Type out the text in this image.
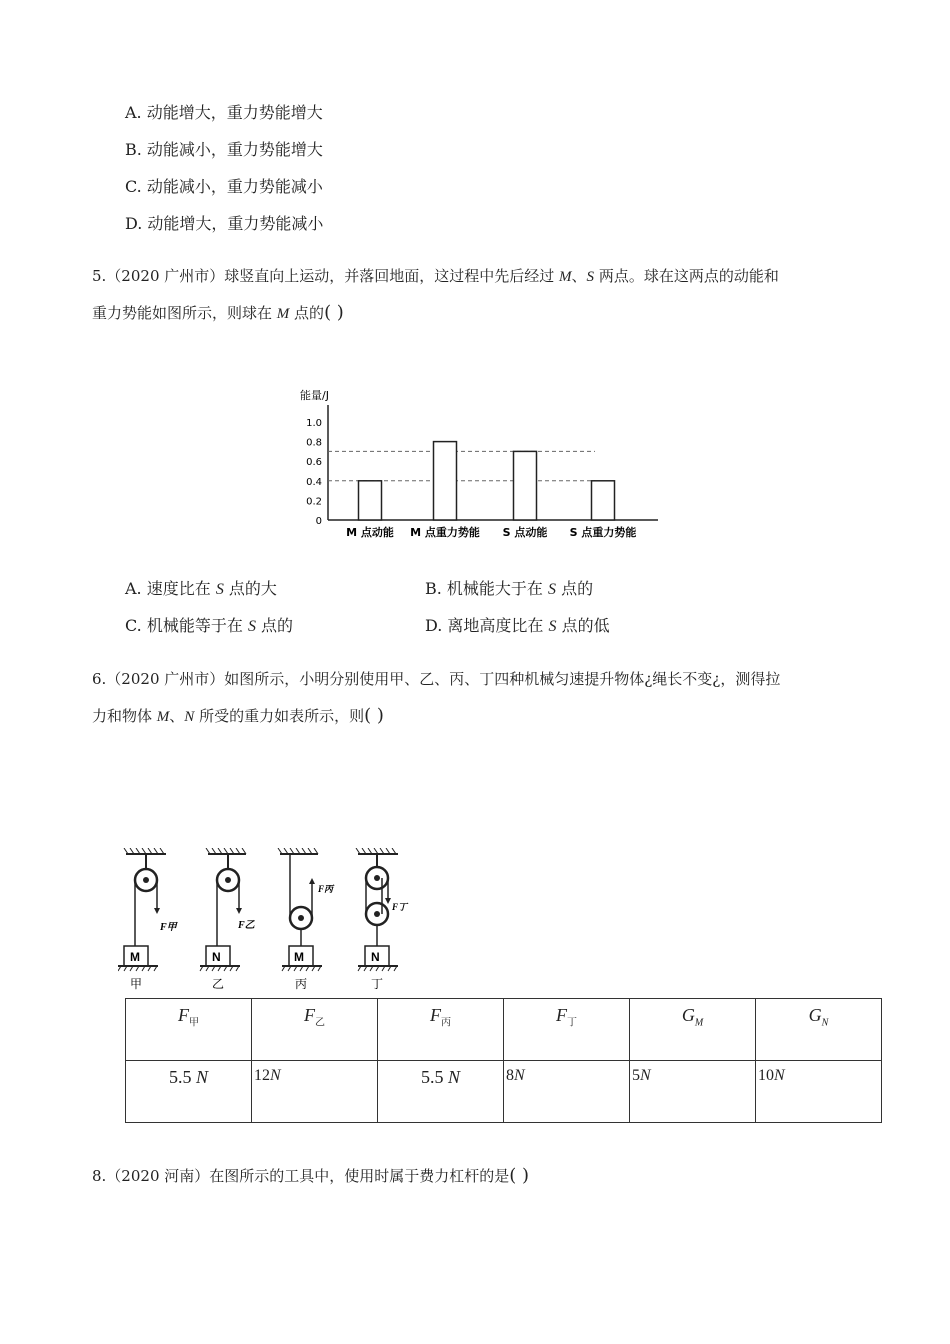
A. 动能增大，重力势能增大
B. 动能减小，重力势能增大
C. 动能减小，重力势能减小
D. 动能增大，重力势能减小
5.（2020 广州市）球竖直向上运动，并落回地面，这过程中先后经过 M、S 两点。球在这两点的动能和
重力势能如图所示，则球在 M 点的( )
能量/J
1.0
0.8
0.6
0.4
0.2
0
M 点动能 M 点重力势能 S 点动能 S 点重力势能
A. 速度比在 S 点的大	B. 机械能大于在 S 点的
C. 机械能等于在 S 点的	D. 离地高度比在 S 点的低
6.（2020 广州市）如图所示，小明分别使用甲、乙、丙、丁四种机械匀速提升物体¿绳长不变¿，测得拉
力和物体 M、N 所受的重力如表所示，则( )
F甲
M
甲
F乙
N
乙
F丙
M
丙
F丁
N
丁
$F_甲$	$F_乙$	$F_丙$	$F_丁$	$G_M$	$G_N$
5.5 N	12N	5.5 N	8N	5N	10N
8.（2020 河南）在图所示的工具中，使用时属于费力杠杆的是( )
